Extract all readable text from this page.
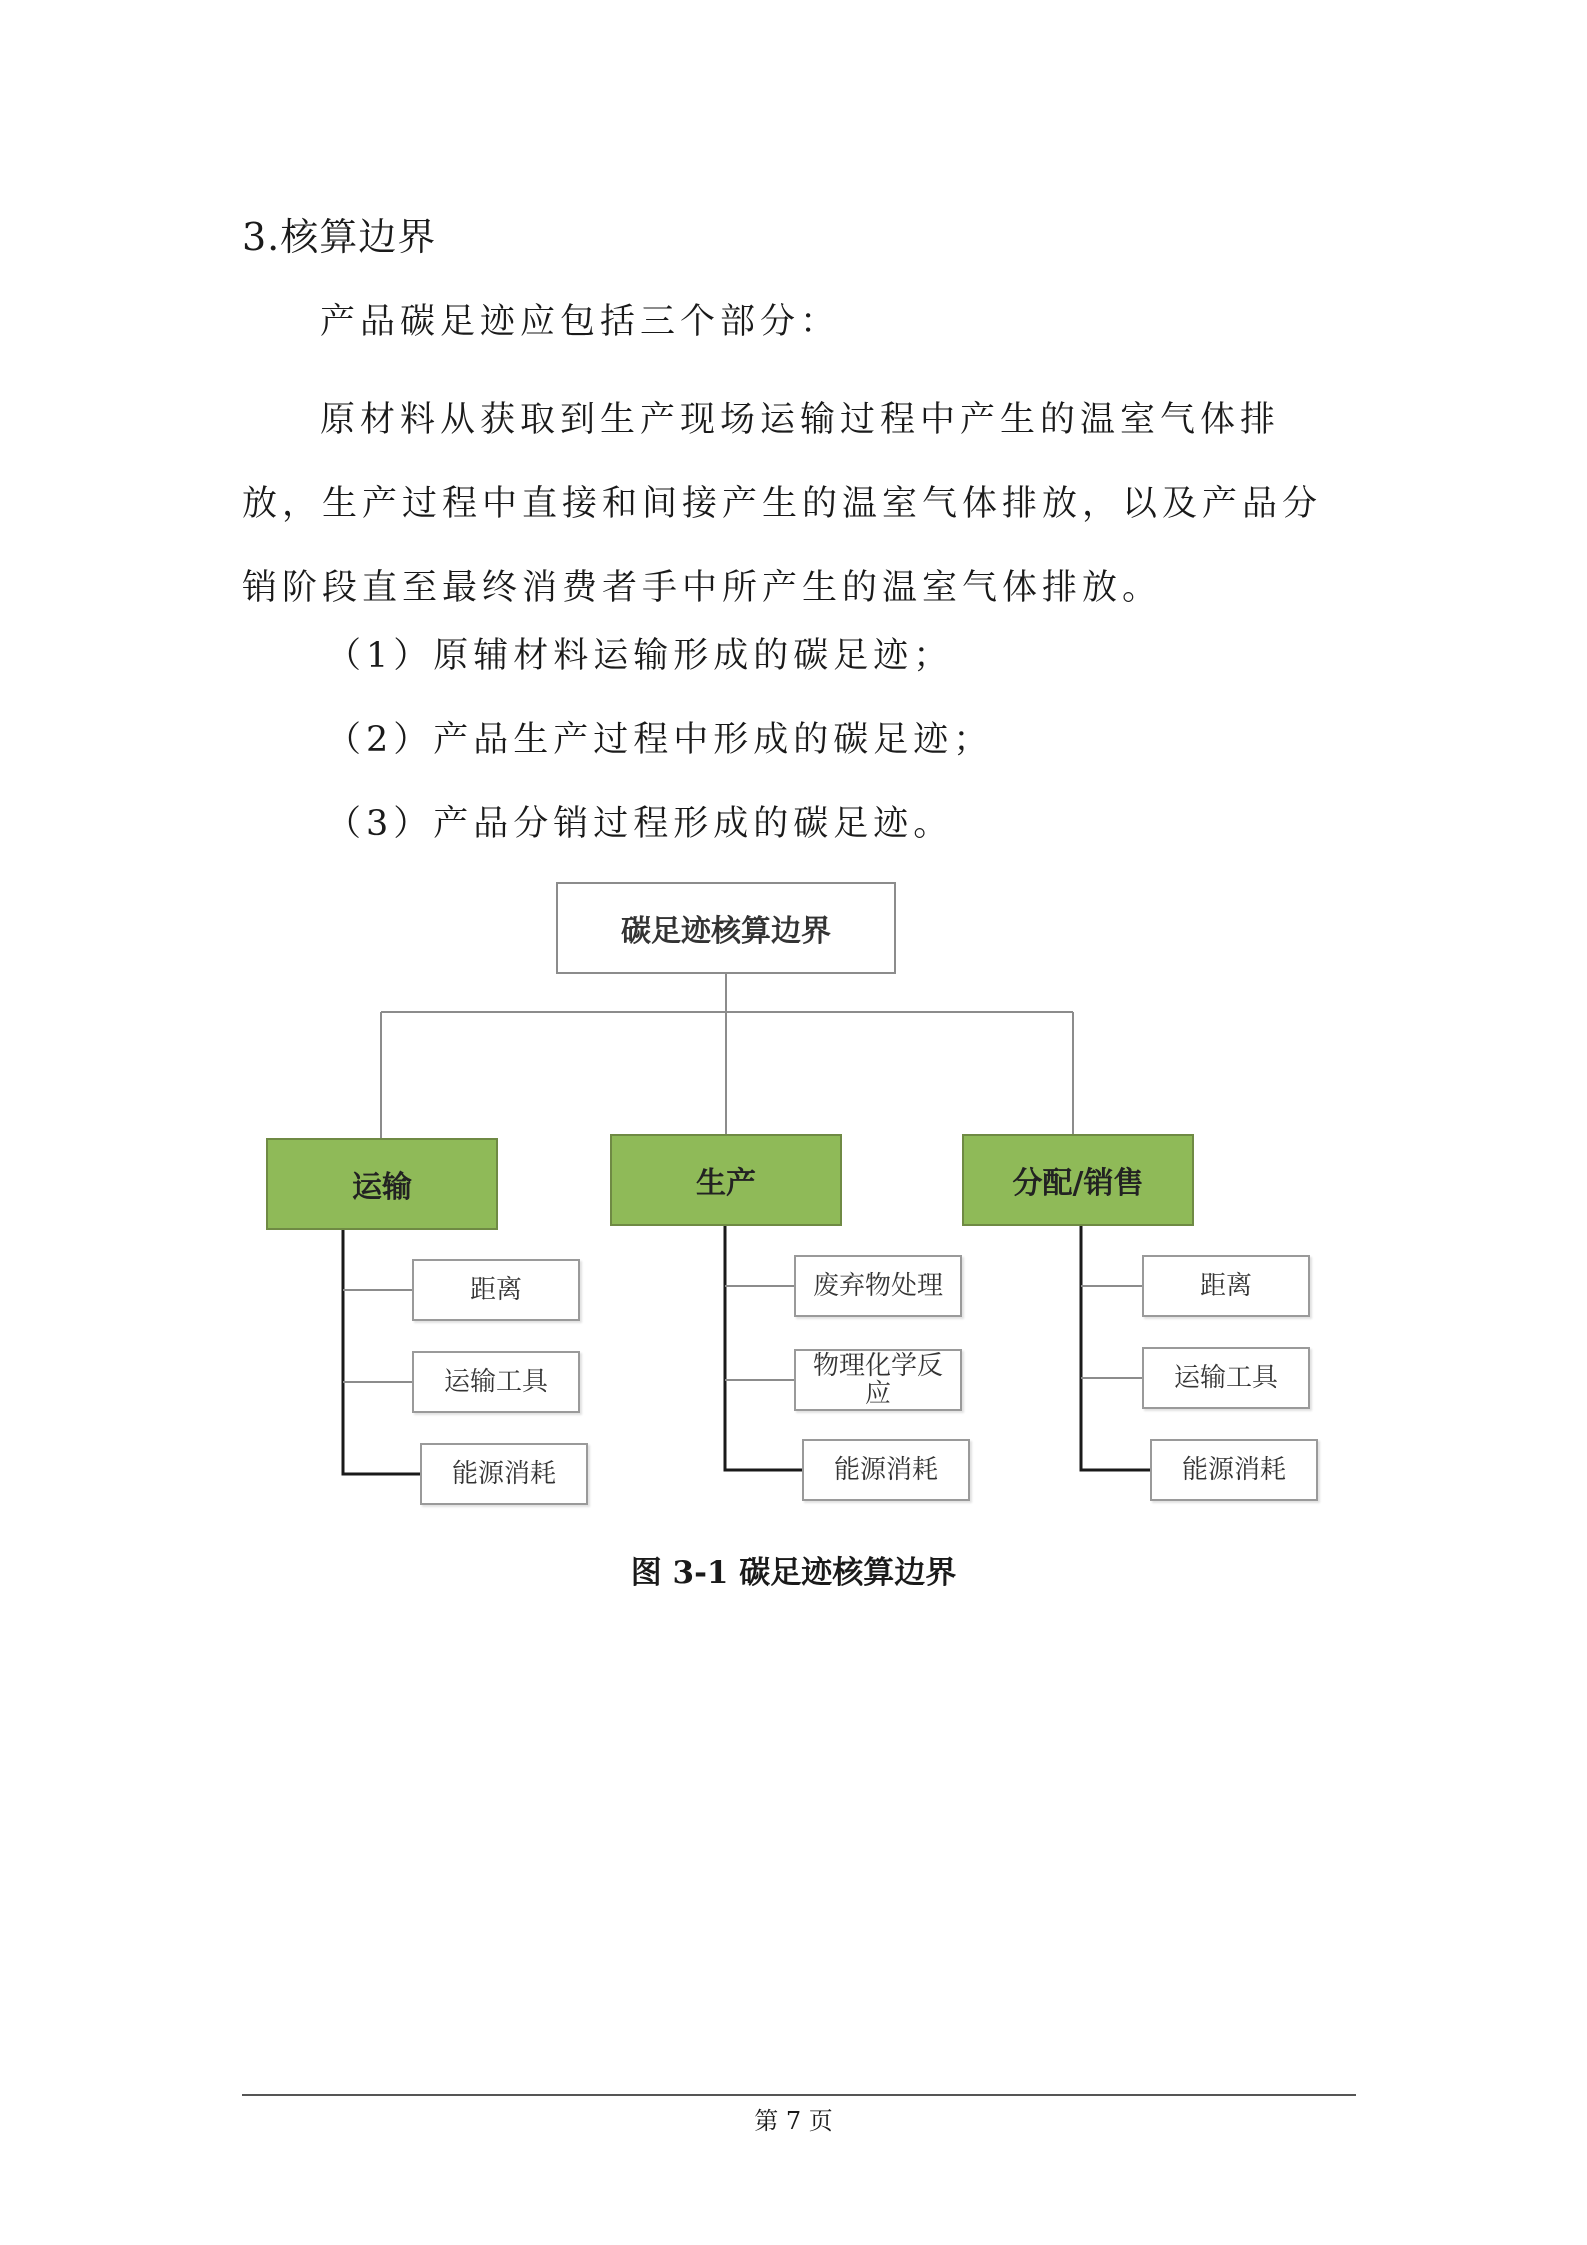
3.核算边界

产品碳足迹应包括三个部分：

原材料从获取到生产现场运输过程中产生的温室气体排放，生产过程中直接和间接产生的温室气体排放，以及产品分销阶段直至最终消费者手中所产生的温室气体排放。

（1）原辅材料运输形成的碳足迹；

（2）产品生产过程中形成的碳足迹；

（3）产品分销过程形成的碳足迹。

碳足迹核算边界
运输	生产	分配/销售
距离
运输工具
能源消耗
废弃物处理
物理化学反应
能源消耗
距离
运输工具
能源消耗

图 3-1 碳足迹核算边界

第 7 页
